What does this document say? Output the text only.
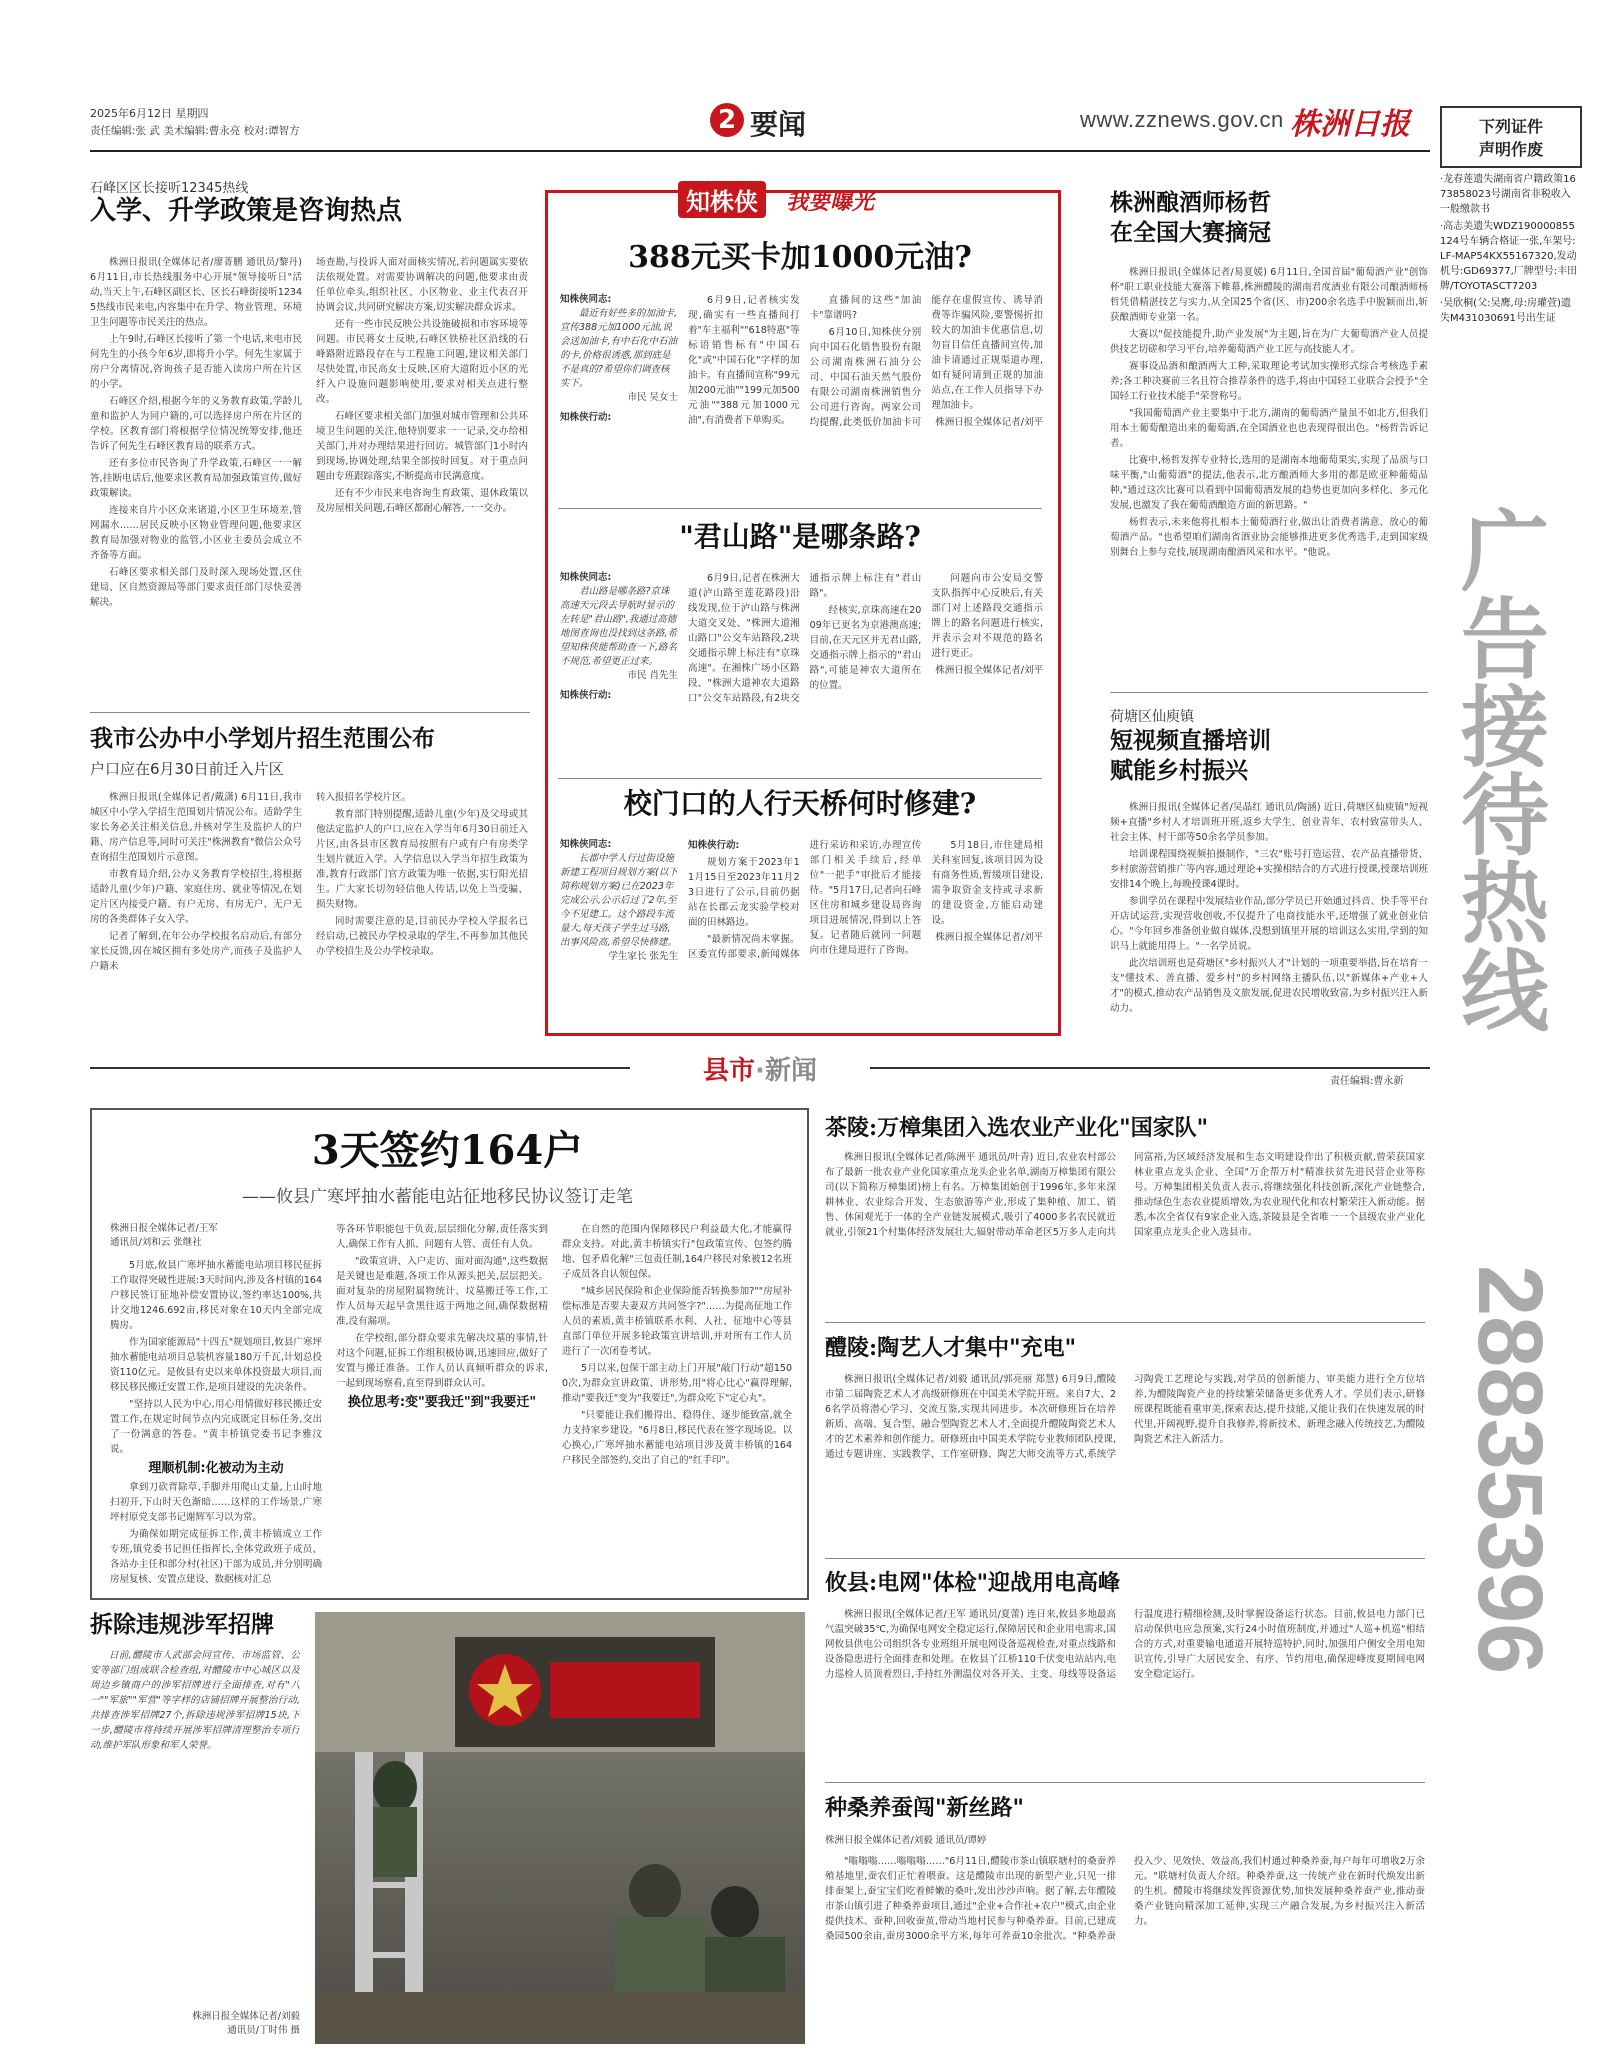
2025年6月12日 星期四
责任编辑:张 武 美术编辑:曹永亮 校对:谭智方	2 要闻	www.zznews.gov.cn 株洲日报	下列证件
声明作废
·龙春莲遗失湖南省户籍政策1673858023号湖南省非税收入一般缴款书
·高志美遗失WDZ190000855124号车辆合格证一张,车架号:LF-MAP54KX55167320,发动机号:GD69377,厂牌型号:丰田牌/TOYOTASCT7203
·吴欣桐(父:吴鹰,母:房瓘萱)遗失M431030691号出生证
广告接待热线
28835396
石峰区区长接听12345热线
入学、升学政策是咨询热点

株洲日报讯(全媒体记者/廖菁鹏 通讯员/黎丹) 6月11日,市长热线服务中心开展"领导接听日"活动,当天上午,石峰区副区长、区长石峰街接听12345热线市民来电,内容集中在升学、物业管理、环境卫生问题等市民关注的热点。

上午9时,石峰区长接听了第一个电话,来电市民何先生的小孩今年6岁,即将升小学。何先生家属于房户分离情况,咨询孩子是否能入读房户所在片区的小学。

石峰区介绍,根据今年的义务教育政策,学龄儿童和监护人为同户籍的,可以选择房户所在片区的学校。区教育部门将根据学位情况统筹安排,他还告诉了何先生石峰区教育局的联系方式。

还有多位市民咨询了升学政策,石峰区一一解答,挂断电话后,他要求区教育局加强政策宣传,做好政策解读。

连接来自片小区众来诸道,小区卫生环境差,管网漏水……居民反映小区物业管理问题,他要求区教育局加强对物业的监管,小区业主委员会成立不齐备等方面。

石峰区要求相关部门及时深入现场处置,区住建局、区自然资源局等部门要求责任部门尽快妥善解决。

场查勘,与投诉人面对面核实情况,若问题属实要依法依规处置。对需要协调解决的问题,他要求由责任单位牵头,组织社区、小区物业、业主代表召开协调会议,共同研究解决方案,切实解决群众诉求。

还有一些市民反映公共设施破损和市容环境等问题。市民蒋女士反映,石峰区铁桥社区沿线的石峰路附近路段存在与工程施工问题,建议相关部门尽快处置,市民高女士反映,区府大道附近小区的光纤入户设施问题影响使用,要求对相关点进行整改。

石峰区要求相关部门加强对城市管理和公共环境卫生问题的关注,他特别要求一一记录,交办给相关部门,并对办理结果进行回访。城管部门1小时内到现场,协调处理,结果全部按时回复。对于重点问题由专班跟踪落实,不断提高市民满意度。

还有不少市民来电咨询生育政策、退休政策以及房屋相关问题,石峰区都耐心解答,一一交办。

我市公办中小学划片招生范围公布
户口应在6月30日前迁入片区

株洲日报讯(全媒体记者/戴潇) 6月11日,我市城区中小学入学招生范围划片情况公布。适龄学生家长务必关注相关信息,并核对学生及监护人的户籍、房产信息等,同时可关注"株洲教育"微信公众号查询招生范围划片示意图。

市教育局介绍,公办义务教育学校招生,将根据适龄儿童(少年)户籍、家庭住房、就业等情况,在划定片区内接受户籍、有户无房、有房无户、无户无房的各类群体子女入学。

记者了解到,在年公办学校报名启动后,有部分家长反馈,因在城区拥有多处房产,而孩子及监护人户籍未

转入报招名学校片区。

教育部门特别提醒,适龄儿童(少年)及父母或其他法定监护人的户口,应在入学当年6月30日前迁入片区,由各县市区教育局按照有户或有户有房类学生划片就近入学。入学信息以入学当年招生政策为准,教育行政部门官方政策为唯一依据,实行阳光招生。广大家长切勿轻信他人传话,以免上当受骗、损失财物。

同时需要注意的是,目前民办学校入学报名已经启动,已被民办学校录取的学生,不再参加其他民办学校招生及公办学校录取。

知株侠	我要曝光
388元买卡加1000元油?
知株侠同志:
最近有好些多的加油卡,宣传388元加1000元油,说会送加油卡,有中石化中石油的卡,价格很诱惑,那到底是不是真的?希望你们调查核实下。
市民 吴女士
知株侠行动:

6月9日,记者核实发现,确实有一些直播间打着"车主福利""618特惠"等标语销售标有"中国石化"或"中国石化"字样的加油卡。有直播间宣称"99元加200元油""199元加500元油""388元加1000元油",有消费者下单购买。

直播间的这些"加油卡"靠谱吗?

6月10日,知株侠分别向中国石化销售股份有限公司湖南株洲石油分公司、中国石油天然气股份有限公司湖南株洲销售分公司进行咨询。两家公司均提醒,此类低价加油卡可能存在虚假宣传、诱导消费等诈骗风险,要警惕折扣较大的加油卡优惠信息,切勿盲目信任直播间宣传,加油卡请通过正规渠道办理,如有疑问请到正规的加油站点,在工作人员指导下办理加油卡。

株洲日报全媒体记者/刘平

"君山路"是哪条路?
知株侠同志:
君山路是哪条路?京珠高速天元段去导航时显示的左转是"君山路",我通过高德地图查询也没找到这条路,希望知株侠能帮助查一下,路名不规范,希望更正过来。
市民 肖先生
知株侠行动:

6月9日,记者在株洲大道(泸山路至莲花路段)沿线发现,位于泸山路与株洲大道交叉处、"株洲大道湘山路口"公交车站路段,2块交通指示牌上标注有"京珠高速"。在湘株广场小区路段、"株洲大道神农大道路口"公交车站路段,有2块交通指示牌上标注有"君山路"。

经核实,京珠高速在2009年已更名为京港澳高速;目前,在天元区并无君山路,交通指示牌上指示的"君山路",可能是神农大道所在的位置。

问题向市公安局交警支队指挥中心反映后,有关部门对上述路段交通指示牌上的路名问题进行核实,并表示会对不规范的路名进行更正。

株洲日报全媒体记者/刘平

校门口的人行天桥何时修建?
知株侠同志:
长郡中学人行过街设施新建工程项目规划方案(以下简称规划方案)已在2023年完成公示,公示后过了2年,至今不见建工。这个路段车流量大,每天孩子学生过马路,出事风险高,希望尽快修建。
学生家长 张先生

知株侠行动:

规划方案于2023年11月15日至2023年11月23日进行了公示,目前仍据站在长郡云龙实验学校对面的田林路边。

"最新情况尚未掌握。区委宣传部要求,新闻媒体进行采访和采访,办理宣传部门相关手续后,经单位"一把手"审批后才能接待。"5月17日,记者向石峰区住房和城乡建设局咨询项目进展情况,得到以上答复。记者随后就同一问题向市住建局进行了咨询。

5月18日,市住建局相关科室回复,该项目因为设有商务性质,暂缓项目建设,需争取资金支持或寻求新的建设资金,方能启动建设。

株洲日报全媒体记者/刘平

株洲酿酒师杨哲
在全国大赛摘冠

株洲日报讯(全媒体记者/易夏媛) 6月11日,全国首届"葡萄酒产业"创饰杯"职工职业技能大赛落下帷幕,株洲醴陵的湖南君度酒业有限公司酿酒师杨哲凭借精湛技艺与实力,从全国25个省(区、市)200余名选手中脱颖而出,斩获酿酒师专业第一名。

大赛以"促技能提升,助产业发展"为主题,旨在为广大葡萄酒产业人员提供技艺切磋和学习平台,培养葡萄酒产业工匠与高技能人才。

赛事设品酒和酿酒两大工种,采取理论考试加实操形式综合考核选手素养;各工种决赛前三名且符合推荐条件的选手,将由中国轻工业联合会授予"全国轻工行业技术能手"荣誉称号。

"我国葡萄酒产业主要集中于北方,湖南的葡萄酒产量虽不如北方,但我们用本土葡萄酿造出来的葡萄酒,在全国酒业也也表现得很出色。"杨哲告诉记者。

比赛中,杨哲发挥专业特长,选用的是湖南本地葡萄果实,实现了品质与口味平衡,"山葡萄酒"的提法,他表示,北方酿酒师大多用的都是欧亚种葡萄品种,"通过这次比赛可以看到中国葡萄酒发展的趋势也更加向多样化、多元化发展,也激发了我在葡萄酒酿造方面的新思路。"

杨哲表示,未来他将扎根本土葡萄酒行业,做出让消费者满意、放心的葡萄酒产品。"也希望咱们湖南省酒业协会能够推进更多优秀选手,走到国家级别舞台上参与竞技,展现湖南酿酒风采和水平。"他说。

荷塘区仙庾镇
短视频直播培训
赋能乡村振兴

株洲日报讯(全媒体记者/吴晶红 通讯员/陶涵) 近日,荷塘区仙庾镇"短视频+直播"乡村人才培训班开班,返乡大学生、创业青年、农村致富带头人、社会主体、村干部等50余名学员参加。

培训课程围绕视频拍摄制作、"三农"账号打造运营、农产品直播带货、乡村旅游营销推广等内容,通过理论+实操相结合的方式进行授课,授课培训班安排14个晚上,每晚授课4课时。

参训学员在课程中发展结业作品,部分学员已开始通过抖音、快手等平台开店试运营,实现营收创收,不仅提升了电商技能水平,还增强了就业创业信心。"今年回乡准备创业做自媒体,没想到镇里开展的培训这么实用,学到的知识马上就能用得上。"一名学员说。

此次培训班也是荷塘区"乡村振兴人才"计划的一项重要举措,旨在培育一支"懂技术、善直播、爱乡村"的乡村网络主播队伍,以"新媒体+产业+人才"的模式,推动农产品销售及文旅发展,促进农民增收致富,为乡村振兴注入新动力。

县市·新闻	责任编辑:曹永新
3天签约164户
——攸县广寒坪抽水蓄能电站征地移民协议签订走笔
株洲日报全媒体记者/王军
通讯员/刘和云 张继社

5月底,攸县广寒坪抽水蓄能电站项目移民征拆工作取得突破性进展:3天时间内,涉及各村镇的164户移民签订征地补偿安置协议,签约率达100%,共计交地1246.692亩,移民对象在10天内全部完成腾房。

作为国家能源局"十四五"规划项目,攸县广寒坪抽水蓄能电站项目总装机容量180万千瓦,计划总投资110亿元。是攸县有史以来单体投资最大项目,而移民移民搬迁安置工作,是项目建设的先决条件。

"坚持以人民为中心,用心用情做好移民搬迁安置工作,在规定时间节点内完成既定目标任务,交出了一份满意的答卷。"黄丰桥镇党委书记李雅汶说。

理顺机制:化被动为主动

拿到刀砍背除草,手脚并用爬山丈量,上山时地扫初开,下山时天色渐暗……这样的工作场景,广寒坪村原党支部书记谢辉军习以为常。

为确保如期完成征拆工作,黄丰桥镇成立工作专班,镇党委书记担任指挥长,全体党政班子成员、各站办主任和部分村(社区)干部为成员,并分别明确房屋复核、安置点建设、数据核对汇总

等各环节职能包干负责,层层细化分解,责任落实到人,确保工作有人抓、问题有人管、责任有人负。

"政策宣讲、入户走访、面对面沟通",这些数据是关键也是难题,各项工作从源头把关,层层把关。面对复杂的房屋附属物统计、坟墓搬迁等工作,工作人员每天起早贪黑往返于两地之间,确保数据精准,没有漏项。

在学校组,部分群众要求先解决坟墓的事情,针对这个问题,征拆工作组积极协调,迅速回应,做好了安置与搬迁准备。工作人员认真倾听群众的诉求,一起到现场察看,直至得到群众认可。

换位思考:变"要我迁"到"我要迁"

在自然的范围内保障移民户利益最大化,才能赢得群众支持。对此,黄丰桥镇实行"包政策宣传、包签约腾地、包矛盾化解"三包责任制,164户移民对象被12名班子成员各自认领包保。

"城乡居民保险和企业保险能否转换参加?""房屋补偿标准是否要夫妻双方共同签字?"……为提高征地工作人员的素质,黄丰桥镇联系水利、人社、征地中心等县直部门单位开展多轮政策宣讲培训,并对所有工作人员进行了一次闭卷考试。

5月以来,包保干部主动上门开展"敲门行动"超1500次,为群众宣讲政策、讲形势,用"将心比心"赢得理解,推动"要我迁"变为"我要迁",为群众吃下"定心丸"。

"只要能让我们搬得出、稳得住、逐步能致富,就全力支持家乡建设。"6月8日,移民代表在签字现场说。以心换心,广寒坪抽水蓄能电站项目涉及黄丰桥镇的164户移民全部签约,交出了自己的"红手印"。

拆除违规涉军招牌

日前,醴陵市人武部会同宣传、市场监管、公安等部门组成联合检查组,对醴陵市中心城区以及周边乡镇商户的涉军招牌进行全面排查,对有"八一""军旅""军营"等字样的店铺招牌开展整治行动,共排查涉军招牌27个,拆除违规涉军招牌15块,下一步,醴陵市将持续开展涉军招牌清理整治专项行动,维护军队形象和军人荣誉。

株洲日报全媒体记者/刘毅
通讯员/丁时伟 摄
茶陵:万樟集团入选农业产业化"国家队"

株洲日报讯(全媒体记者/陈洲平 通讯员/叶青) 近日,农业农村部公布了最新一批农业产业化国家重点龙头企业名单,湖南万樟集团有限公司(以下简称万樟集团)榜上有名。万樟集团始创于1996年,多年来深耕林业、农业综合开发、生态旅游等产业,形成了集种植、加工、销售、休闲观光于一体的全产业链发展模式,吸引了4000多名农民就近就业,引领21个村集体经济发展壮大,辐射带动革命老区5万多人走向共同富裕,为区域经济发展和生态文明建设作出了积极贡献,曾荣获国家林业重点龙头企业、全国"万企帮万村"精准扶贫先进民营企业等称号。万樟集团相关负责人表示,将继续强化科技创新,深化产业链整合,推动绿色生态农业提质增效,为农业现代化和农村繁荣注入新动能。据悉,本次全省仅有9家企业入选,茶陵县是全省唯一一个县级农业产业化国家重点龙头企业入选县市。

醴陵:陶艺人才集中"充电"

株洲日报讯(全媒体记者/刘毅 通讯员/郭亮丽 郑慧) 6月9日,醴陵市第二届陶瓷艺术人才高级研修班在中国美术学院开班。来自7大、26名学员将潜心学习、交流互鉴,实现共同进步。本次研修班旨在培养新质、高端、复合型、融合型陶瓷艺术人才,全面提升醴陵陶瓷艺术人才的艺术素养和创作能力。研修班由中国美术学院专业教师团队授课,通过专题讲座、实践教学、工作室研修、陶艺大师交流等方式,系统学习陶瓷工艺理论与实践,对学员的创新能力、审美能力进行全方位培养,为醴陵陶瓷产业的持续繁荣储备更多优秀人才。学员们表示,研修班课程既能看重审美,探索表达,提升技能,又能让我们在快速发展的时代里,开阔视野,提升自我修养,将新技术、新理念融入传统技艺,为醴陵陶瓷艺术注入新活力。

攸县:电网"体检"迎战用电高峰

株洲日报讯(全媒体记者/王军 通讯员/夏蕾) 连日来,攸县多地最高气温突破35℃,为确保电网安全稳定运行,保障居民和企业用电需求,国网攸县供电公司组织各专业班组开展电网设备巡视检查,对重点线路和设备隐患进行全面排查和处理。在攸县丫江桥110千伏变电站站内,电力巡检人员顶着烈日,手持红外测温仪对各开关、主变、母线等设备运行温度进行精细检测,及时掌握设备运行状态。目前,攸县电力部门已启动保供电应急预案,实行24小时值班制度,并通过"人巡+机巡"相结合的方式,对重要输电通道开展特巡特护,同时,加强用户侧安全用电知识宣传,引导广大居民安全、有序、节约用电,确保迎峰度夏期间电网安全稳定运行。

种桑养蚕闯"新丝路"
株洲日报全媒体记者/刘毅 通讯员/谭婷

"嗡嗡嗡……嗡嗡嗡……"6月11日,醴陵市茶山镇联塘村的桑蚕养殖基地里,蚕农们正忙着喂蚕。这是醴陵市出现的新型产业,只见一排排蚕架上,蚕宝宝们吃着鲜嫩的桑叶,发出沙沙声响。据了解,去年醴陵市茶山镇引进了种桑养蚕项目,通过"企业+合作社+农户"模式,由企业提供技术、蚕种,回收蚕茧,带动当地村民参与种桑养蚕。目前,已建成桑园500余亩,蚕房3000余平方米,每年可养蚕10余批次。"种桑养蚕投入少、见效快、效益高,我们村通过种桑养蚕,每户每年可增收2万余元。"联塘村负责人介绍。种桑养蚕,这一传统产业在新时代焕发出新的生机。醴陵市将继续发挥资源优势,加快发展种桑养蚕产业,推动蚕桑产业链向精深加工延伸,实现三产融合发展,为乡村振兴注入新活力。
